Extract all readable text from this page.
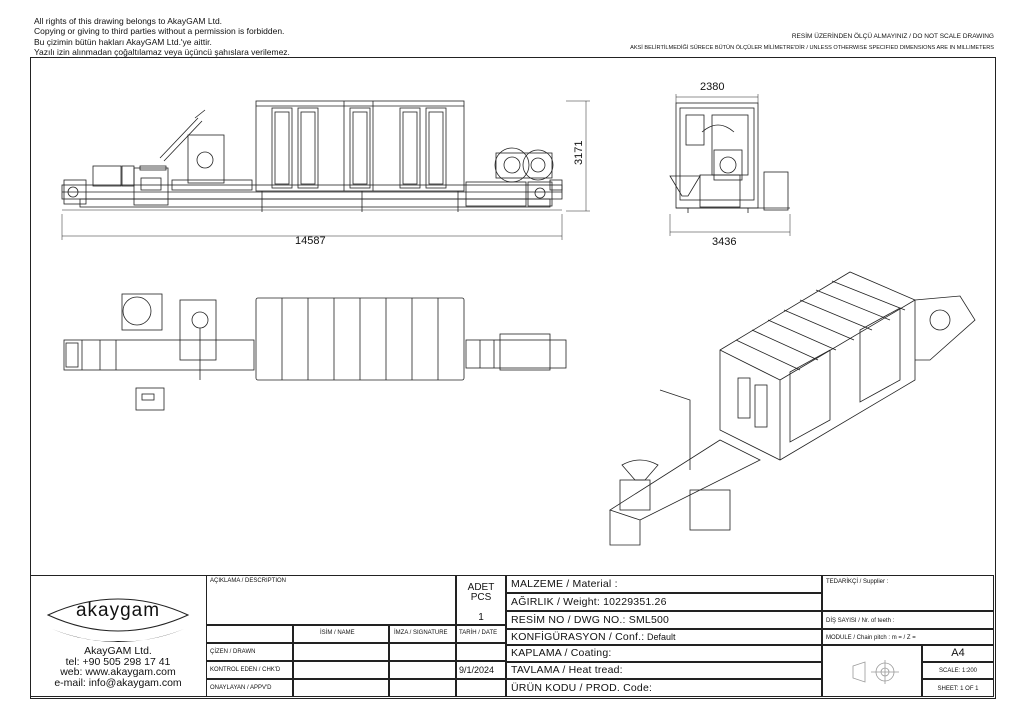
All rights of this drawing belongs to AkayGAM Ltd.
Copying or giving to third parties without a permission is forbidden.
Bu çizimin bütün hakları AkayGAM Ltd.'ye aittir.
Yazılı izin alınmadan çoğaltılamaz veya üçüncü şahıslara verilemez.
RESİM ÜZERİNDEN ÖLÇÜ ALMAYINIZ / DO NOT SCALE DRAWING
AKSİ BELİRTİLMEDİĞİ SÜRECE BÜTÜN ÖLÇÜLER MİLİMETRE'DİR / UNLESS OTHERWISE SPECIFIED DIMENSIONS ARE IN MILLIMETERS
14587
3171
2380
3436
akaygam
AkayGAM Ltd.
tel: +90 505 298 17 41
web: www.akaygam.com
e-mail: info@akaygam.com
AÇIKLAMA / DESCRIPTION
ADET
PCS
1
İSİM / NAME	İMZA / SIGNATURE TARİH / DATE
ÇİZEN / DRAWN
KONTROL EDEN / CHK'D	9/1/2024
ONAYLAYAN / APPV'D
MALZEME / Material :
AĞIRLIK / Weight: 10229351.26
RESİM NO / DWG NO.: SML500
KONFİGÜRASYON / Conf.: Default
KAPLAMA / Coating:
TAVLAMA / Heat tread:
ÜRÜN KODU / PROD. Code:
TEDARİKÇİ / Supplier :
DİŞ SAYISI / Nr. of teeth :
MODULE / Chain pitch : m = / Z =
A4
SCALE: 1:200
SHEET: 1 OF 1
